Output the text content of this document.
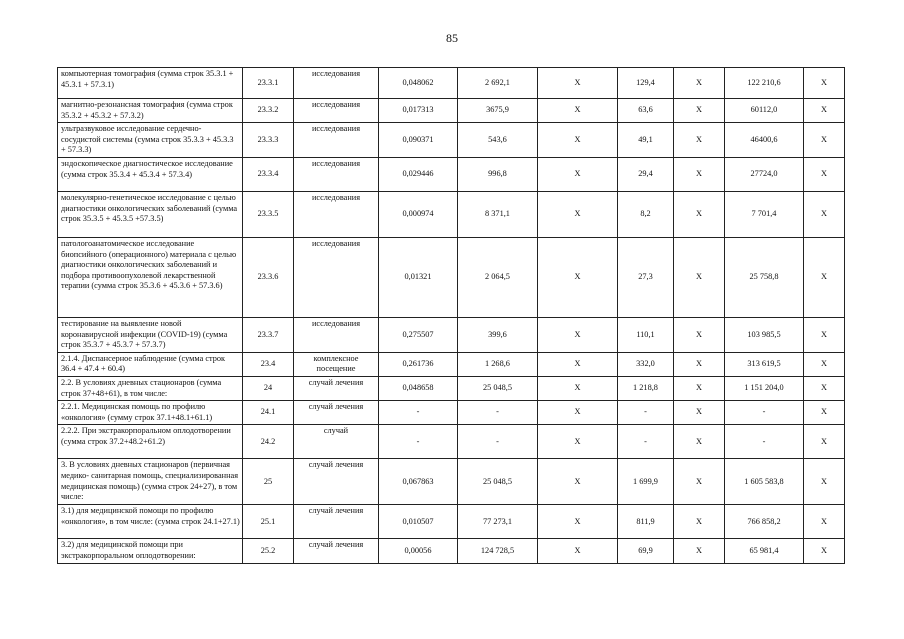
85
компьютерная томография (сумма строк 35.3.1 + 45.3.1 + 57.3.1)	23.3.1	исследования	0,048062	2 692,1	X	129,4	X	122 210,6	X
магнитно-резонансная томография (сумма строк 35.3.2 + 45.3.2 + 57.3.2)	23.3.2	исследования	0,017313	3675,9	X	63,6	X	60112,0	X
ультразвуковое исследование сердечно-сосудистой системы (сумма строк 35.3.3 + 45.3.3 + 57.3.3)	23.3.3	исследования	0,090371	543,6	X	49,1	X	46400,6	X
эндоскопическое диагностическое исследование (сумма строк 35.3.4 + 45.3.4 + 57.3.4)	23.3.4	исследования	0,029446	996,8	X	29,4	X	27724,0	X
молекулярно-генетическое исследование с целью диагностики онкологических заболеваний (сумма строк 35.3.5 + 45.3.5 +57.3.5)	23.3.5	исследования	0,000974	8 371,1	X	8,2	X	7 701,4	X
патологоанатомическое исследование биопсийного (операционного) материала с целью диагностики онкологических заболеваний и подбора противоопухолевой лекарственной терапии (сумма строк 35.3.6 + 45.3.6 + 57.3.6)	23.3.6	исследования	0,01321	2 064,5	X	27,3	X	25 758,8	X
тестирование на выявление новой коронавирусной инфекции (COVID-19) (сумма строк 35.3.7 + 45.3.7 + 57.3.7)	23.3.7	исследования	0,275507	399,6	X	110,1	X	103 985,5	X
2.1.4. Диспансерное наблюдение (сумма строк 36.4 + 47.4 + 60.4)	23.4	комплексное посещение	0,261736	1 268,6	X	332,0	X	313 619,5	X
2.2. В условиях дневных стационаров (сумма строк 37+48+61), в том числе:	24	случай лечения	0,048658	25 048,5	X	1 218,8	X	1 151 204,0	X
2.2.1. Медицинская помощь по профилю «онкология» (сумму строк 37.1+48.1+61.1)	24.1	случай лечения	-	-	X	-	X	-	X
2.2.2. При экстракорпоральном оплодотворении (сумма строк 37.2+48.2+61.2)	24.2	случай	-	-	X	-	X	-	X
3. В условиях дневных стационаров (первичная медико- санитарная помощь, специализированная медицинская помощь) (сумма строк 24+27), в том числе:	25	случай лечения	0,067863	25 048,5	X	1 699,9	X	1 605 583,8	X
3.1) для медицинской помощи по профилю «онкология», в том числе: (сумма строк 24.1+27.1)	25.1	случай лечения	0,010507	77 273,1	X	811,9	X	766 858,2	X
3.2) для медицинской помощи при экстракорпоральном оплодотворении:	25.2	случай лечения	0,00056	124 728,5	X	69,9	X	65 981,4	X
